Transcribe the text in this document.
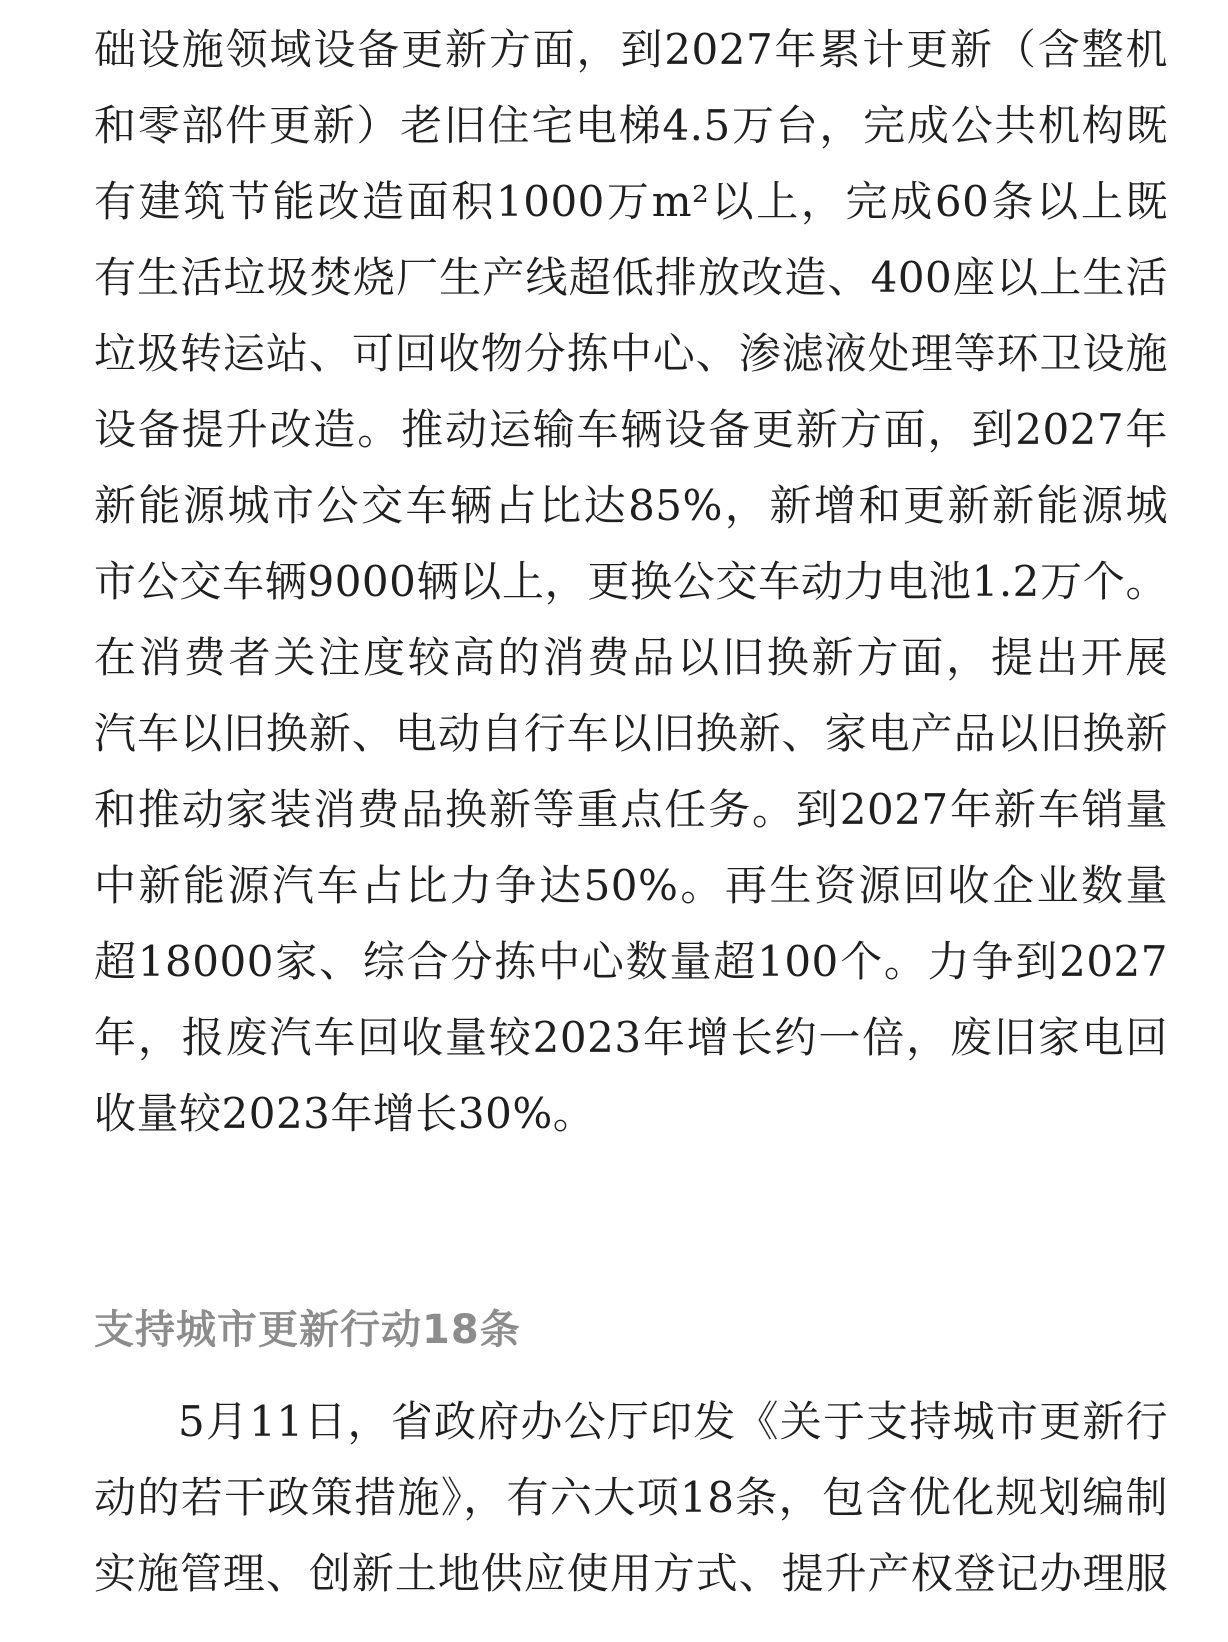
础设施领域设备更新方面，到2027年累计更新（含整机
和零部件更新）老旧住宅电梯4.5万台，完成公共机构既
有建筑节能改造面积1000万m²以上，完成60条以上既
有生活垃圾焚烧厂生产线超低排放改造、400座以上生活
垃圾转运站、可回收物分拣中心、渗滤液处理等环卫设施
设备提升改造。推动运输车辆设备更新方面，到2027年
新能源城市公交车辆占比达85%，新增和更新新能源城
市公交车辆9000辆以上，更换公交车动力电池1.2万个。
在消费者关注度较高的消费品以旧换新方面，提出开展
汽车以旧换新、电动自行车以旧换新、家电产品以旧换新
和推动家装消费品换新等重点任务。到2027年新车销量
中新能源汽车占比力争达50%。再生资源回收企业数量
超18000家、综合分拣中心数量超100个。力争到2027
年，报废汽车回收量较2023年增长约一倍，废旧家电回
收量较2023年增长30%。
支持城市更新行动18条
5月11日，省政府办公厅印发《关于支持城市更新行
动的若干政策措施》，有六大项18条，包含优化规划编制
实施管理、创新土地供应使用方式、提升产权登记办理服
